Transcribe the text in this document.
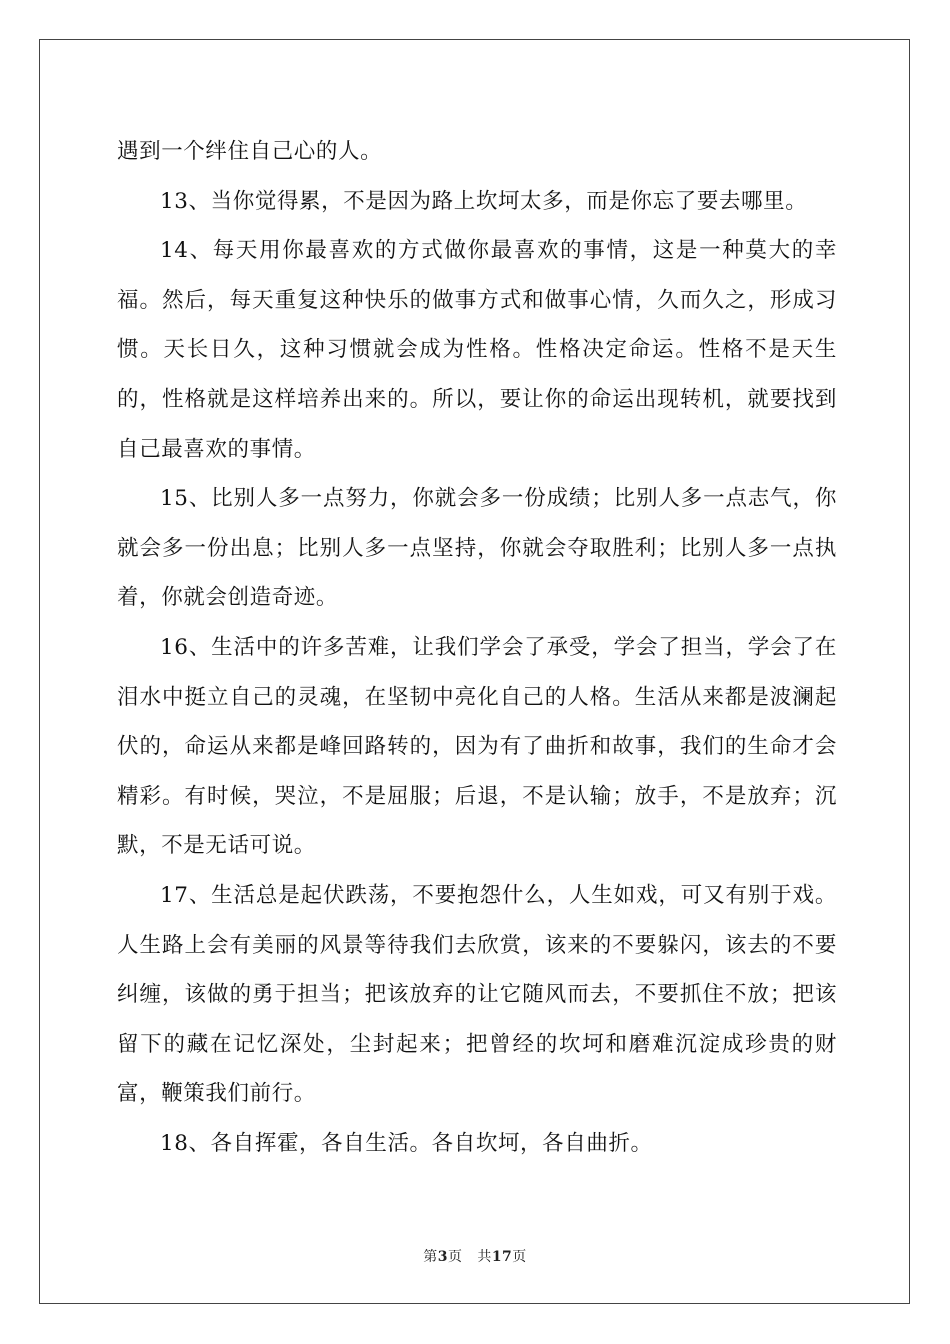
遇到一个绊住自己心的人。

13、当你觉得累，不是因为路上坎坷太多，而是你忘了要去哪里。

14、每天用你最喜欢的方式做你最喜欢的事情，这是一种莫大的幸福。然后，每天重复这种快乐的做事方式和做事心情，久而久之，形成习惯。天长日久，这种习惯就会成为性格。性格决定命运。性格不是天生的，性格就是这样培养出来的。所以，要让你的命运出现转机，就要找到自己最喜欢的事情。

15、比别人多一点努力，你就会多一份成绩；比别人多一点志气，你就会多一份出息；比别人多一点坚持，你就会夺取胜利；比别人多一点执着，你就会创造奇迹。

16、生活中的许多苦难，让我们学会了承受，学会了担当，学会了在泪水中挺立自己的灵魂，在坚韧中亮化自己的人格。生活从来都是波澜起伏的，命运从来都是峰回路转的，因为有了曲折和故事，我们的生命才会精彩。有时候，哭泣，不是屈服；后退，不是认输；放手，不是放弃；沉默，不是无话可说。

17、生活总是起伏跌荡，不要抱怨什么，人生如戏，可又有别于戏。人生路上会有美丽的风景等待我们去欣赏，该来的不要躲闪，该去的不要纠缠，该做的勇于担当；把该放弃的让它随风而去，不要抓住不放；把该留下的藏在记忆深处，尘封起来；把曾经的坎坷和磨难沉淀成珍贵的财富，鞭策我们前行。

18、各自挥霍，各自生活。各自坎坷，各自曲折。

第3页 共17页
